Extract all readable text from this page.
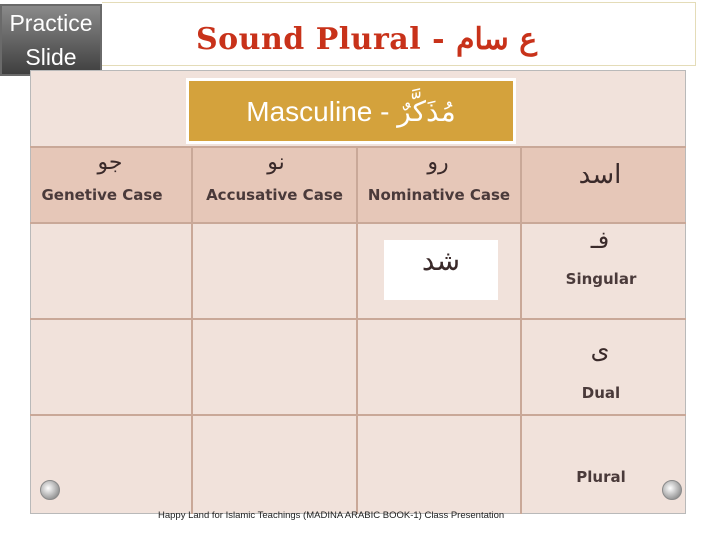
Practice
Slide
Sound Plural - ع سام
Masculine - مُذَكَّرٌ
جو
Genetive Case
نو
Accusative Case
رو
Nominative Case
اسد
شد
فـ
Singular
ى
Dual
Plural
Happy Land for Islamic Teachings (MADINA ARABIC BOOK-1) Class Presentation
